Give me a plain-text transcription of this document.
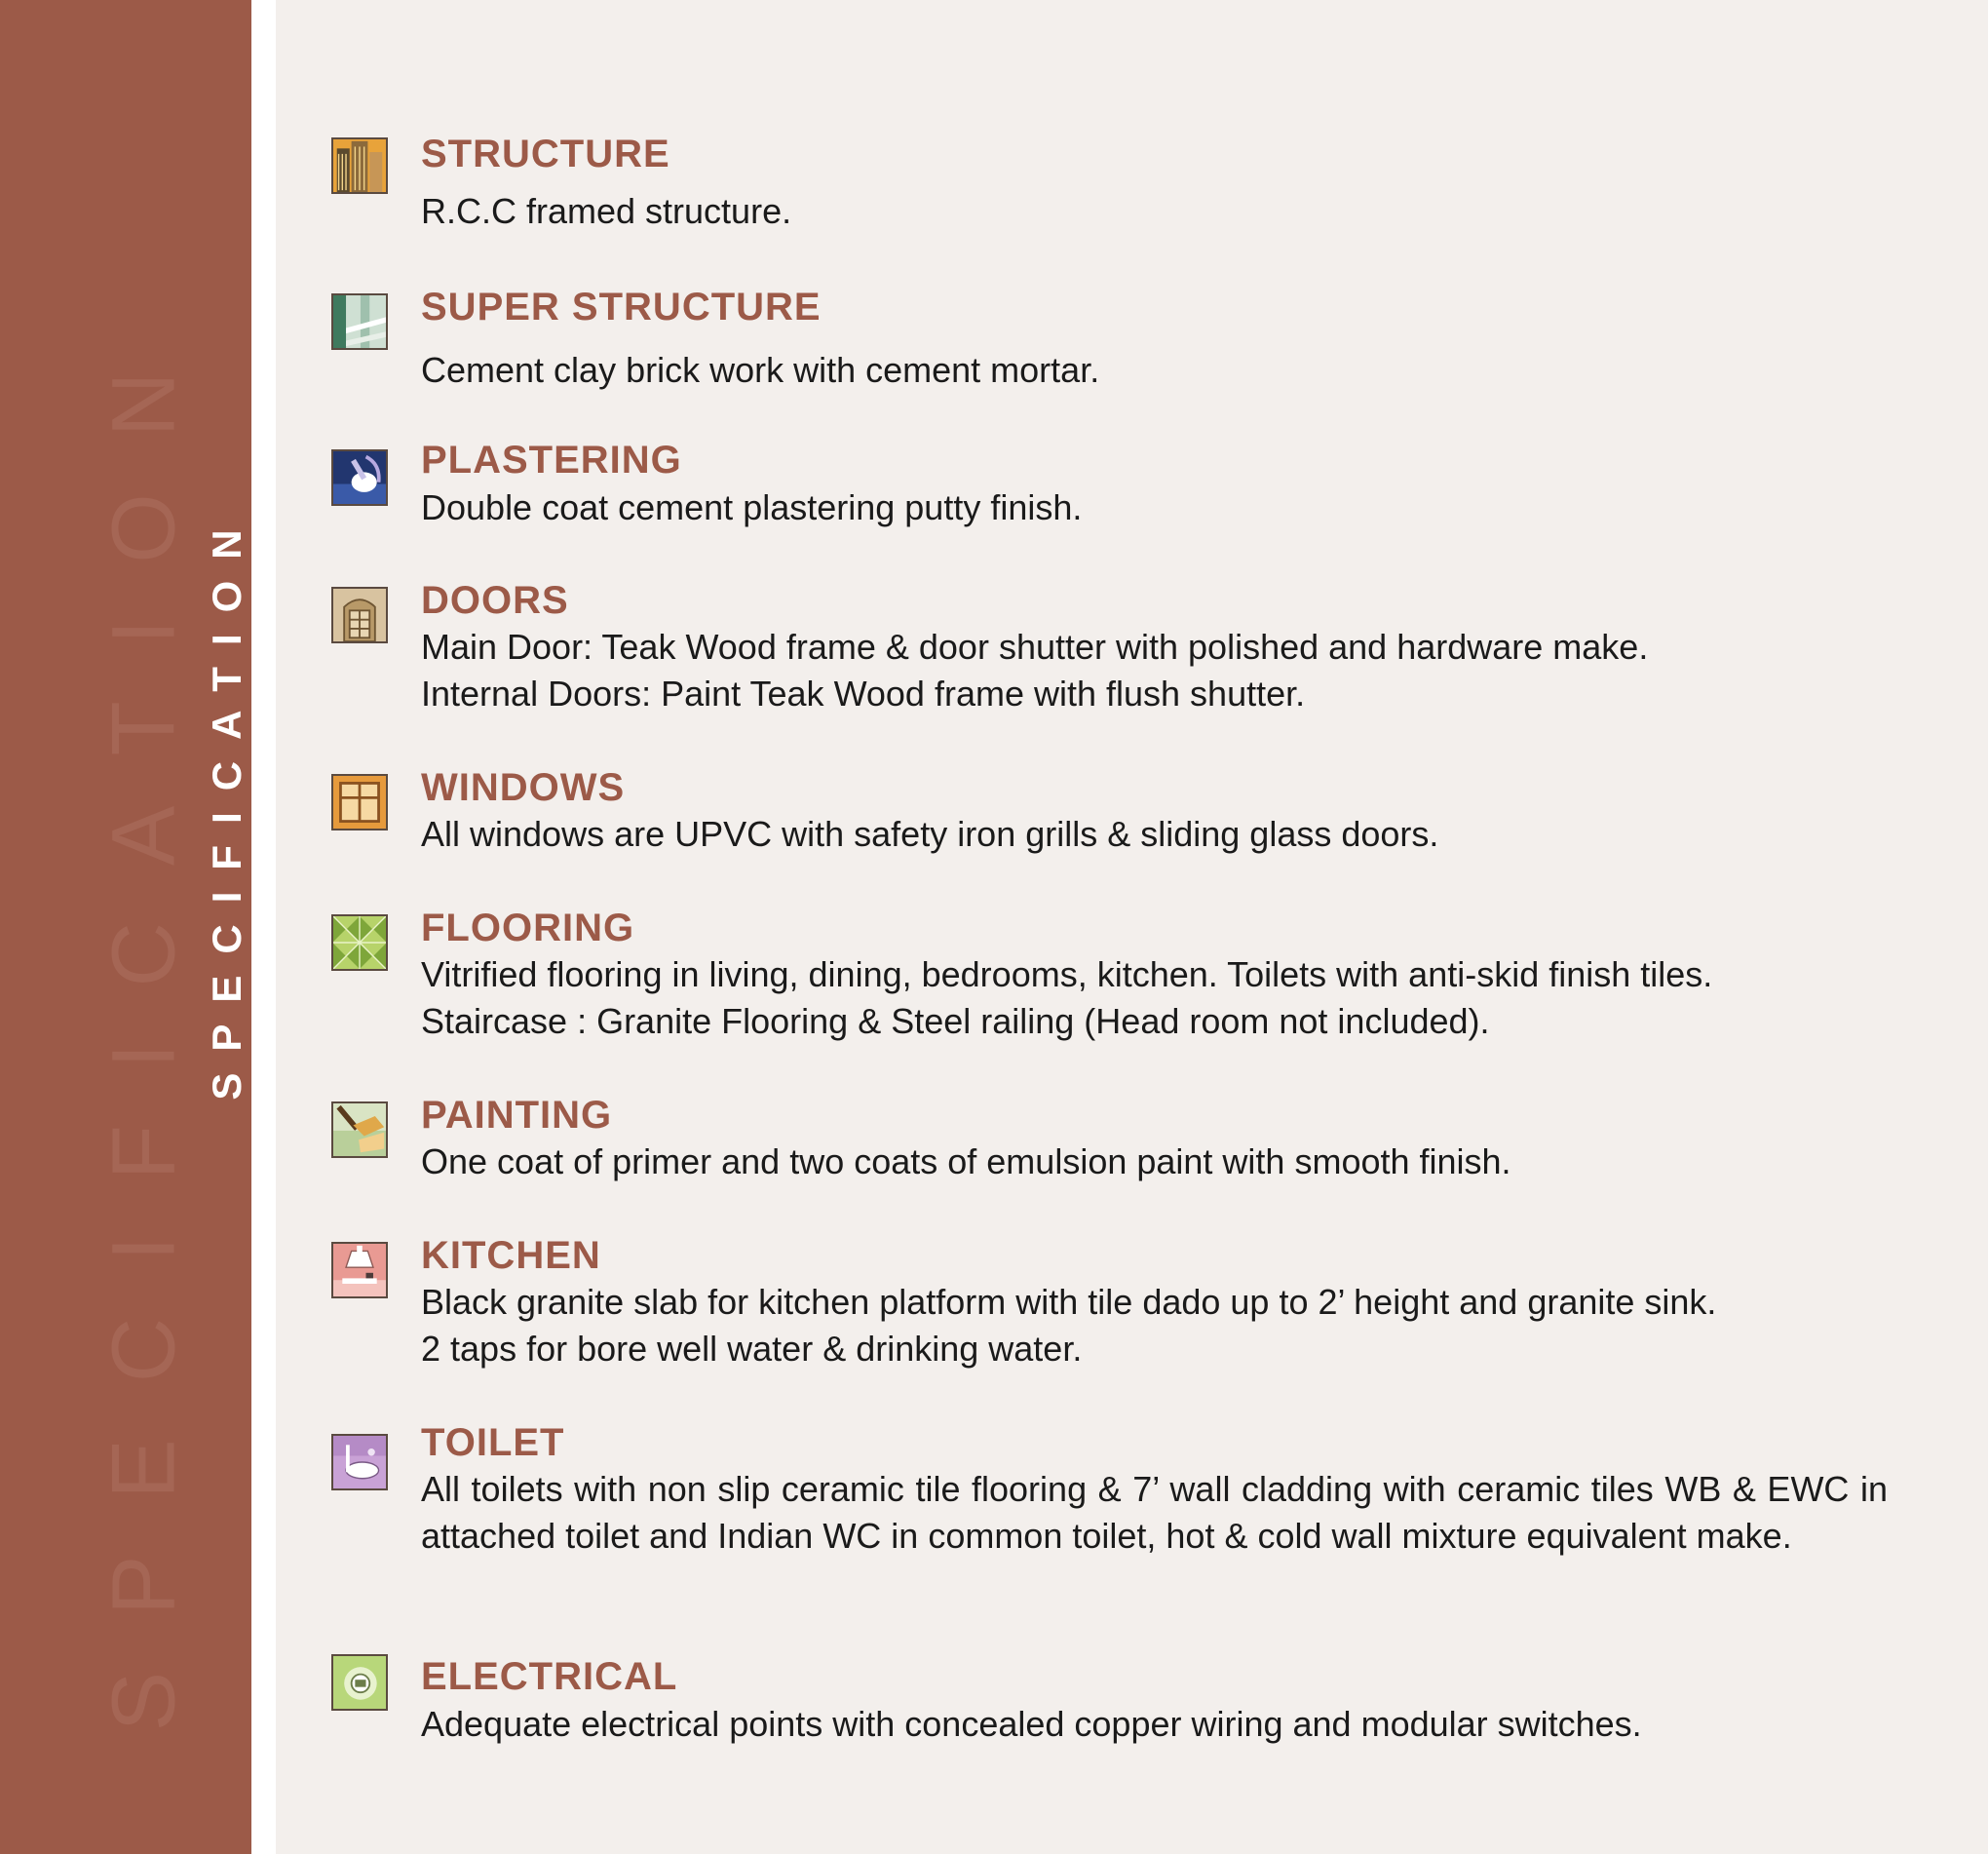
SPECIFICATION SPECIFICATION
STRUCTURE
R.C.C framed structure.
SUPER STRUCTURE
Cement clay brick work with cement mortar.
PLASTERING
Double coat cement plastering putty finish.
DOORS
Main Door: Teak Wood frame & door shutter with polished and hardware make.
Internal Doors: Paint Teak Wood frame with flush shutter.
WINDOWS
All windows are UPVC with safety iron grills & sliding glass doors.
FLOORING
Vitrified flooring in living, dining, bedrooms, kitchen. Toilets with anti-skid finish tiles.
Staircase : Granite Flooring & Steel railing (Head room not included).
PAINTING
One coat of primer and two coats of emulsion paint with smooth finish.
KITCHEN
Black granite slab for kitchen platform with tile dado up to 2’ height and granite sink.
2 taps for bore well water & drinking water.
TOILET
All toilets with non slip ceramic tile flooring & 7’ wall cladding with ceramic tiles WB & EWC in attached toilet and Indian WC in common toilet, hot & cold wall mixture equivalent make.
ELECTRICAL
Adequate electrical points with concealed copper wiring and modular switches.
